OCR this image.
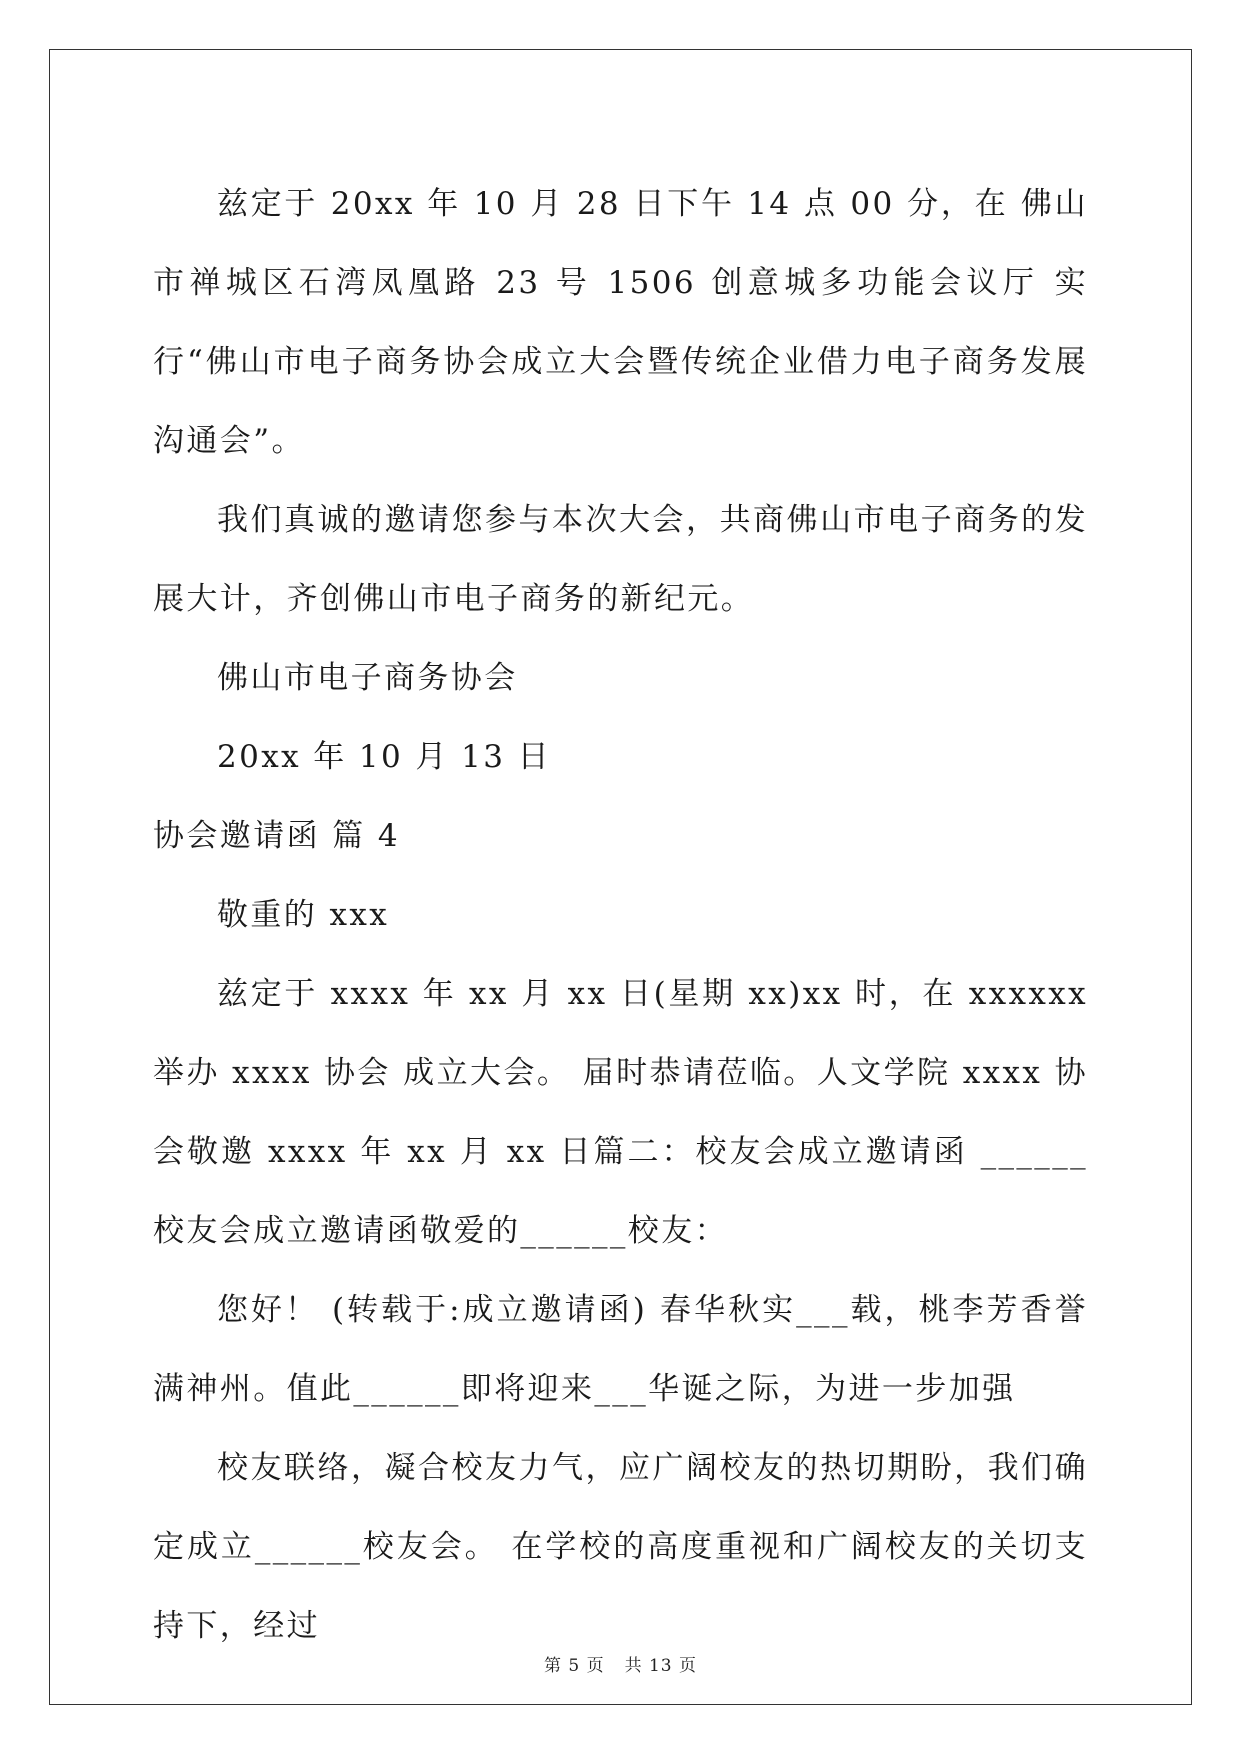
兹定于 20xx 年 10 月 28 日下午 14 点 00 分，在 佛山市禅城区石湾凤凰路 23 号 1506 创意城多功能会议厅 实行“佛山市电子商务协会成立大会暨传统企业借力电子商务发展沟通会”。

我们真诚的邀请您参与本次大会，共商佛山市电子商务的发展大计，齐创佛山市电子商务的新纪元。

佛山市电子商务协会

20xx 年 10 月 13 日

协会邀请函 篇 4

敬重的 xxx

兹定于 xxxx 年 xx 月 xx 日(星期 xx)xx 时，在 xxxxxx 举办 xxxx 协会 成立大会。 届时恭请莅临。人文学院 xxxx 协会敬邀 xxxx 年 xx 月 xx 日篇二：校友会成立邀请函 ______校友会成立邀请函敬爱的______校友：

您好！ (转载于:成立邀请函) 春华秋实___载，桃李芳香誉满神州。值此______即将迎来___华诞之际，为进一步加强

校友联络，凝合校友力气，应广阔校友的热切期盼，我们确定成立______校友会。 在学校的高度重视和广阔校友的关切支持下，经过

第 5 页 共 13 页
